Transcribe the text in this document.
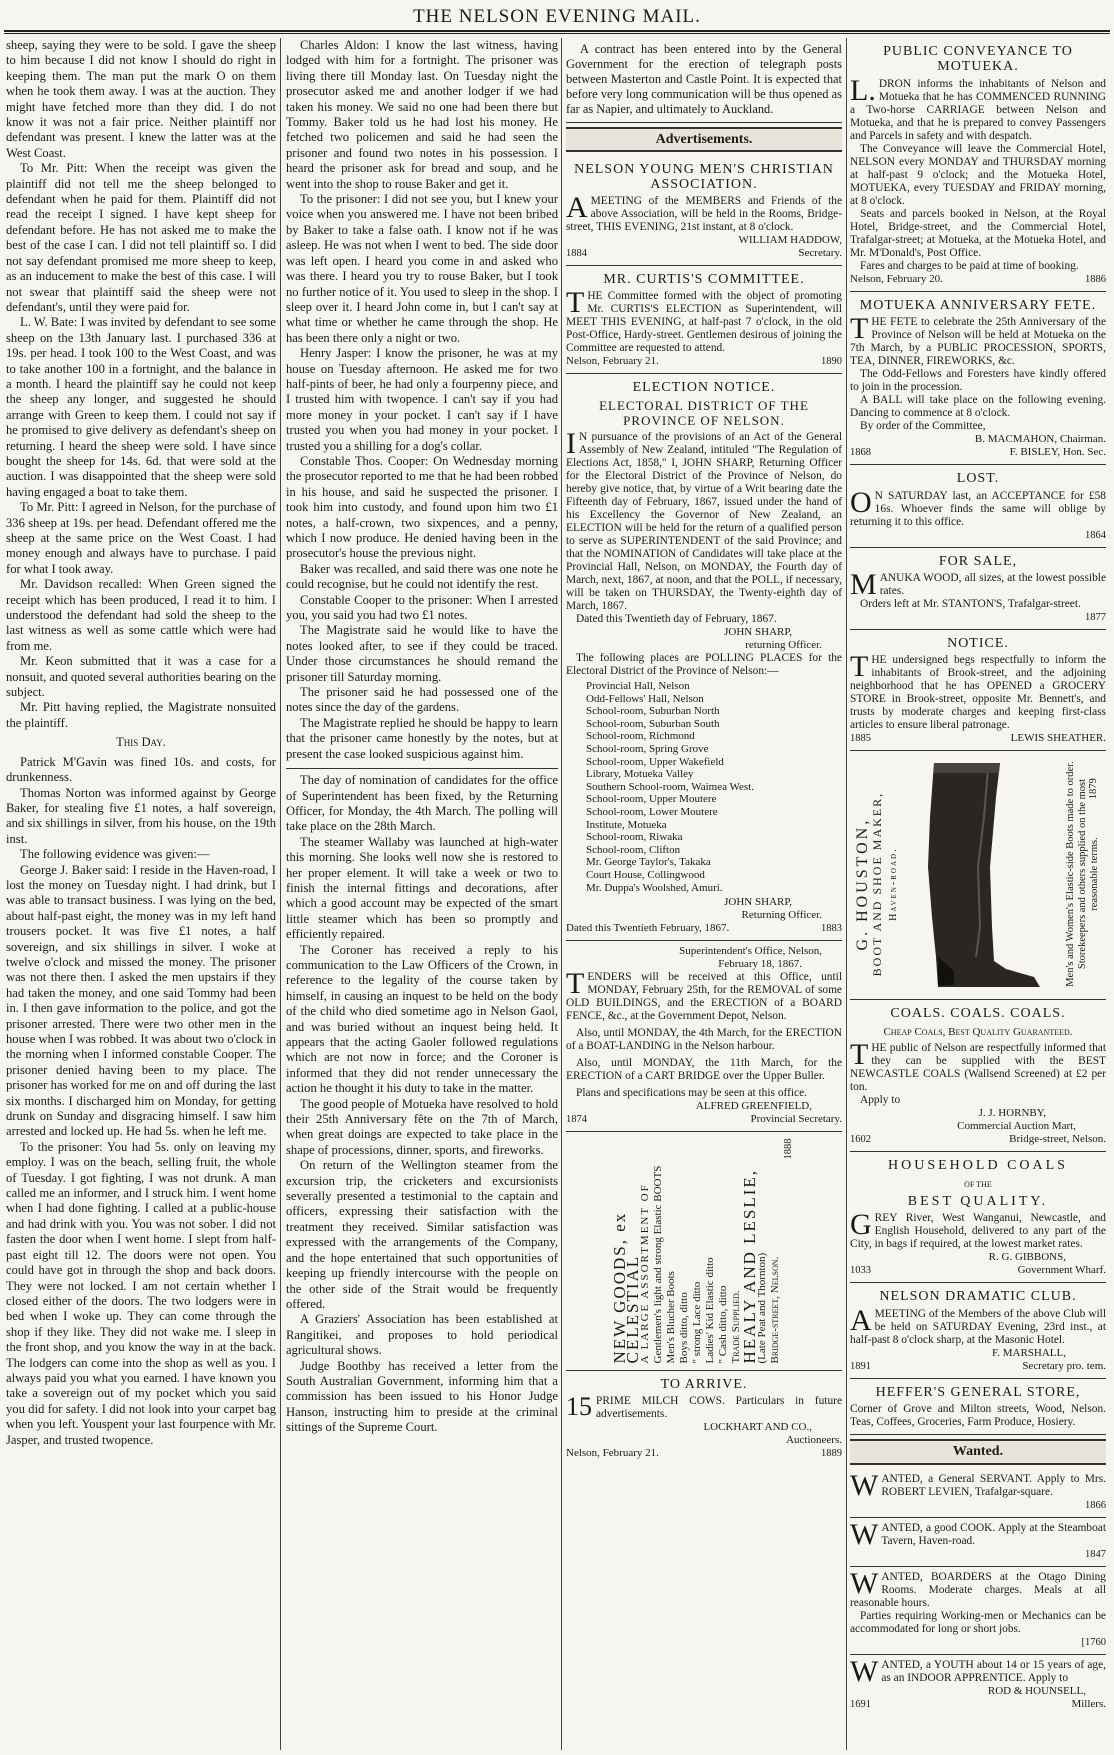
THE NELSON EVENING MAIL.

sheep, saying they were to be sold. I gave the sheep to him because I did not know I should do right in keeping them. The man put the mark O on them when he took them away. I was at the auction. They might have fetched more than they did. I do not know it was not a fair price. Neither plaintiff nor defendant was present. I knew the latter was at the West Coast.

To Mr. Pitt: When the receipt was given the plaintiff did not tell me the sheep belonged to defendant when he paid for them. Plaintiff did not read the receipt I signed. I have kept sheep for defendant before. He has not asked me to make the best of the case I can. I did not tell plaintiff so. I did not say defendant promised me more sheep to keep, as an inducement to make the best of this case. I will not swear that plaintiff said the sheep were not defendant's, until they were paid for.

L. W. Bate: I was invited by defendant to see some sheep on the 13th January last. I purchased 336 at 19s. per head. I took 100 to the West Coast, and was to take another 100 in a fortnight, and the balance in a month. I heard the plaintiff say he could not keep the sheep any longer, and suggested he should arrange with Green to keep them. I could not say if he promised to give delivery as defendant's sheep on returning. I heard the sheep were sold. I have since bought the sheep for 14s. 6d. that were sold at the auction. I was disappointed that the sheep were sold having engaged a boat to take them.

To Mr. Pitt: I agreed in Nelson, for the purchase of 336 sheep at 19s. per head. Defendant offered me the sheep at the same price on the West Coast. I had money enough and always have to purchase. I paid for what I took away.

Mr. Davidson recalled: When Green signed the receipt which has been produced, I read it to him. I understood the defendant had sold the sheep to the last witness as well as some cattle which were had from me.

Mr. Keon submitted that it was a case for a nonsuit, and quoted several authorities bearing on the subject.

Mr. Pitt having replied, the Magistrate nonsuited the plaintiff.

This Day.

Patrick M'Gavin was fined 10s. and costs, for drunkenness.

Thomas Norton was informed against by George Baker, for stealing five £1 notes, a half sovereign, and six shillings in silver, from his house, on the 19th inst.

The following evidence was given:—

George J. Baker said: I reside in the Haven-road, I lost the money on Tuesday night. I had drink, but I was able to transact business. I was lying on the bed, about half-past eight, the money was in my left hand trousers pocket. It was five £1 notes, a half sovereign, and six shillings in silver. I woke at twelve o'clock and missed the money. The prisoner was not there then. I asked the men upstairs if they had taken the money, and one said Tommy had been in. I then gave information to the police, and got the prisoner arrested. There were two other men in the house when I was robbed. It was about two o'clock in the morning when I informed constable Cooper. The prisoner denied having been to my place. The prisoner has worked for me on and off during the last six months. I discharged him on Monday, for getting drunk on Sunday and disgracing himself. I saw him arrested and locked up. He had 5s. when he left me.

To the prisoner: You had 5s. only on leaving my employ. I was on the beach, selling fruit, the whole of Tuesday. I got fighting, I was not drunk. A man called me an informer, and I struck him. I went home when I had done fighting. I called at a public-house and had drink with you. You was not sober. I did not fasten the door when I went home. I slept from half-past eight till 12. The doors were not open. You could have got in through the shop and back doors. They were not locked. I am not certain whether I closed either of the doors. The two lodgers were in bed when I woke up. They can come through the shop if they like. They did not wake me. I sleep in the front shop, and you know the way in at the back. The lodgers can come into the shop as well as you. I always paid you what you earned. I have known you take a sovereign out of my pocket which you said you did for safety. I did not look into your carpet bag when you left. Youspent your last fourpence with Mr. Jasper, and trusted twopence.

Charles Aldon: I know the last witness, having lodged with him for a fortnight. The prisoner was living there till Monday last. On Tuesday night the prosecutor asked me and another lodger if we had taken his money. We said no one had been there but Tommy. Baker told us he had lost his money. He fetched two policemen and said he had seen the prisoner and found two notes in his possession. I heard the prisoner ask for bread and soup, and he went into the shop to rouse Baker and get it.

To the prisoner: I did not see you, but I knew your voice when you answered me. I have not been bribed by Baker to take a false oath. I know not if he was asleep. He was not when I went to bed. The side door was left open. I heard you come in and asked who was there. I heard you try to rouse Baker, but I took no further notice of it. You used to sleep in the shop. I sleep over it. I heard John come in, but I can't say at what time or whether he came through the shop. He has been there only a night or two.

Henry Jasper: I know the prisoner, he was at my house on Tuesday afternoon. He asked me for two half-pints of beer, he had only a fourpenny piece, and I trusted him with twopence. I can't say if you had more money in your pocket. I can't say if I have trusted you when you had money in your pocket. I trusted you a shilling for a dog's collar.

Constable Thos. Cooper: On Wednesday morning the prosecutor reported to me that he had been robbed in his house, and said he suspected the prisoner. I took him into custody, and found upon him two £1 notes, a half-crown, two sixpences, and a penny, which I now produce. He denied having been in the prosecutor's house the previous night.

Baker was recalled, and said there was one note he could recognise, but he could not identify the rest.

Constable Cooper to the prisoner: When I arrested you, you said you had two £1 notes.

The Magistrate said he would like to have the notes looked after, to see if they could be traced. Under those circumstances he should remand the prisoner till Saturday morning.

The prisoner said he had possessed one of the notes since the day of the gardens.

The Magistrate replied he should be happy to learn that the prisoner came honestly by the notes, but at present the case looked suspicious against him.

The day of nomination of candidates for the office of Superintendent has been fixed, by the Returning Officer, for Monday, the 4th March. The polling will take place on the 28th March.

The steamer Wallaby was launched at high-water this morning. She looks well now she is restored to her proper element. It will take a week or two to finish the internal fittings and decorations, after which a good account may be expected of the smart little steamer which has been so promptly and efficiently repaired.

The Coroner has received a reply to his communication to the Law Officers of the Crown, in reference to the legality of the course taken by himself, in causing an inquest to be held on the body of the child who died sometime ago in Nelson Gaol, and was buried without an inquest being held. It appears that the acting Gaoler followed regulations which are not now in force; and the Coroner is informed that they did not render unnecessary the action he thought it his duty to take in the matter.

The good people of Motueka have resolved to hold their 25th Anniversary fête on the 7th of March, when great doings are expected to take place in the shape of processions, dinner, sports, and fireworks.

On return of the Wellington steamer from the excursion trip, the cricketers and excursionists severally presented a testimonial to the captain and officers, expressing their satisfaction with the treatment they received. Similar satisfaction was expressed with the arrangements of the Company, and the hope entertained that such opportunities of keeping up friendly intercourse with the people on the other side of the Strait would be frequently offered.

A Graziers' Association has been established at Rangitikei, and proposes to hold periodical agricultural shows.

Judge Boothby has received a letter from the South Australian Government, informing him that a commission has been issued to his Honor Judge Hanson, instructing him to preside at the criminal sittings of the Supreme Court.

A contract has been entered into by the General Government for the erection of telegraph posts between Masterton and Castle Point. It is expected that before very long communication will be thus opened as far as Napier, and ultimately to Auckland.

Advertisements.
NELSON YOUNG MEN'S CHRISTIAN ASSOCIATION.

AMEETING of the MEMBERS and Friends of the above Association, will be held in the Rooms, Bridge-street, THIS EVENING, 21st instant, at 8 o'clock.

WILLIAM HADDOW,
1884	Secretary.
MR. CURTIS'S COMMITTEE.

THE Committee formed with the object of promoting Mr. CURTIS'S ELECTION as Superintendent, will MEET THIS EVENING, at half-past 7 o'clock, in the old Post-Office, Hardy-street. Gentlemen desirous of joining the Committee are requested to attend.

Nelson, February 21.	1890
ELECTION NOTICE.
ELECTORAL DISTRICT OF THE PROVINCE OF NELSON.

IN pursuance of the provisions of an Act of the General Assembly of New Zealand, intituled "The Regulation of Elections Act, 1858," I, JOHN SHARP, Returning Officer for the Electoral District of the Province of Nelson, do hereby give notice, that, by virtue of a Writ bearing date the Fifteenth day of February, 1867, issued under the hand of his Excellency the Governor of New Zealand, an ELECTION will be held for the return of a qualified person to serve as SUPERINTENDENT of the said Province; and that the NOMINATION of Candidates will take place at the Provincial Hall, Nelson, on MONDAY, the Fourth day of March, next, 1867, at noon, and that the POLL, if necessary, will be taken on THURSDAY, the Twenty-eighth day of March, 1867.

Dated this Twentieth day of February, 1867.

JOHN SHARP,
returning Officer.

The following places are POLLING PLACES for the Electoral District of the Province of Nelson:—

Provincial Hall, Nelson
Odd-Fellows' Hall, Nelson
School-room, Suburban North
School-room, Suburban South
School-room, Richmond
School-room, Spring Grove
School-room, Upper Wakefield
Library, Motueka Valley
Southern School-room, Waimea West.
School-room, Upper Moutere
School-room, Lower Moutere
Institute, Motueka
School-room, Riwaka
School-room, Clifton
Mr. George Taylor's, Takaka
Court House, Collingwood
Mr. Duppa's Woolshed, Amuri.
JOHN SHARP,
Returning Officer.
Dated this Twentieth February, 1867.	1883
Superintendent's Office, Nelson,
February 18, 1867.

TENDERS will be received at this Office, until MONDAY, February 25th, for the REMOVAL of some OLD BUILDINGS, and the ERECTION of a BOARD FENCE, &c., at the Government Depot, Nelson.

Also, until MONDAY, the 4th March, for the ERECTION of a BOAT-LANDING in the Nelson harbour.

Also, until MONDAY, the 11th March, for the ERECTION of a CART BRIDGE over the Upper Buller.

Plans and specifications may be seen at this office.

ALFRED GREENFIELD,
1874	Provincial Secretary.
NEW GOODS, ex CELESTIAL
A LARGE ASSORTMENT OF Gentlemen's light and strong Elastic BOOTS Men's Blucher Boots Boys ditto, ditto " strong Lace ditto Ladies' Kid Elastic ditto " Cash ditto, ditto Trade Supplied.
HEALY AND LESLIE,
(Late Peat and Thornton) Bridge-street, Nelson.
1888
TO ARRIVE.

15 PRIME MILCH COWS. Particulars in future advertisements.

LOCKHART AND CO.,
Auctioneers.
Nelson, February 21.	1889
PUBLIC CONVEYANCE TO MOTUEKA.

L.DRON informs the inhabitants of Nelson and Motueka that he has COMMENCED RUNNING a Two-horse CARRIAGE between Nelson and Motueka, and that he is prepared to convey Passengers and Parcels in safety and with despatch.

The Conveyance will leave the Commercial Hotel, NELSON every MONDAY and THURSDAY morning at half-past 9 o'clock; and the Motueka Hotel, MOTUEKA, every TUESDAY and FRIDAY morning, at 8 o'clock.

Seats and parcels booked in Nelson, at the Royal Hotel, Bridge-street, and the Commercial Hotel, Trafalgar-street; at Motueka, at the Motueka Hotel, and Mr. M'Donald's, Post Office.

Fares and charges to be paid at time of booking.

Nelson, February 20.	1886
MOTUEKA ANNIVERSARY FETE.

THE FETE to celebrate the 25th Anniversary of the Province of Nelson will be held at Motueka on the 7th March, by a PUBLIC PROCESSION, SPORTS, TEA, DINNER, FIREWORKS, &c.

The Odd-Fellows and Foresters have kindly offered to join in the procession.

A BALL will take place on the following evening. Dancing to commence at 8 o'clock.

By order of the Committee,

B. MACMAHON, Chairman.
1868	F. BISLEY, Hon. Sec.
LOST.

ON SATURDAY last, an ACCEPTANCE for £58 16s. Whoever finds the same will oblige by returning it to this office.

1864
FOR SALE,

MANUKA WOOD, all sizes, at the lowest possible rates.

Orders left at Mr. STANTON'S, Trafalgar-street.

1877
NOTICE.

THE undersigned begs respectfully to inform the inhabitants of Brook-street, and the adjoining neighborhood that he has OPENED a GROCERY STORE in Brook-street, opposite Mr. Bennett's, and trusts by moderate charges and keeping first-class articles to ensure liberal patronage.

1885	LEWIS SHEATHER.
G. HOUSTON, BOOT AND SHOE MAKER, Haven-road.	Men's and Women's Elastic-side Boots made to order. Storekeepers and others supplied on the most reasonable terms.
1879
COALS. COALS. COALS.
Cheap Coals, Best Quality Guaranteed.

THE public of Nelson are respectfully informed that they can be supplied with the BEST NEWCASTLE COALS (Wallsend Screened) at £2 per ton.

Apply to

J. J. HORNBY,
Commercial Auction Mart,
1602	Bridge-street, Nelson.
HOUSEHOLD COALS
OF THE
BEST QUALITY.

GREY River, West Wanganui, Newcastle, and English Household, delivered to any part of the City, in bags if required, at the lowest market rates.

R. G. GIBBONS,
1033	Government Wharf.
NELSON DRAMATIC CLUB.

AMEETING of the Members of the above Club will be held on SATURDAY Evening, 23rd inst., at half-past 8 o'clock sharp, at the Masonic Hotel.

F. MARSHALL,
1891	Secretary pro. tem.
HEFFER'S GENERAL STORE,

Corner of Grove and Milton streets, Wood, Nelson. Teas, Coffees, Groceries, Farm Produce, Hosiery.

Wanted.

WANTED, a General SERVANT. Apply to Mrs. ROBERT LEVIEN, Trafalgar-square.

1866

WANTED, a good COOK. Apply at the Steamboat Tavern, Haven-road.

1847

WANTED, BOARDERS at the Otago Dining Rooms. Moderate charges. Meals at all reasonable hours.

Parties requiring Working-men or Mechanics can be accommodated for long or short jobs.

[1760

WANTED, a YOUTH about 14 or 15 years of age, as an INDOOR APPRENTICE. Apply to

ROD & HOUNSELL,
1691	Millers.
